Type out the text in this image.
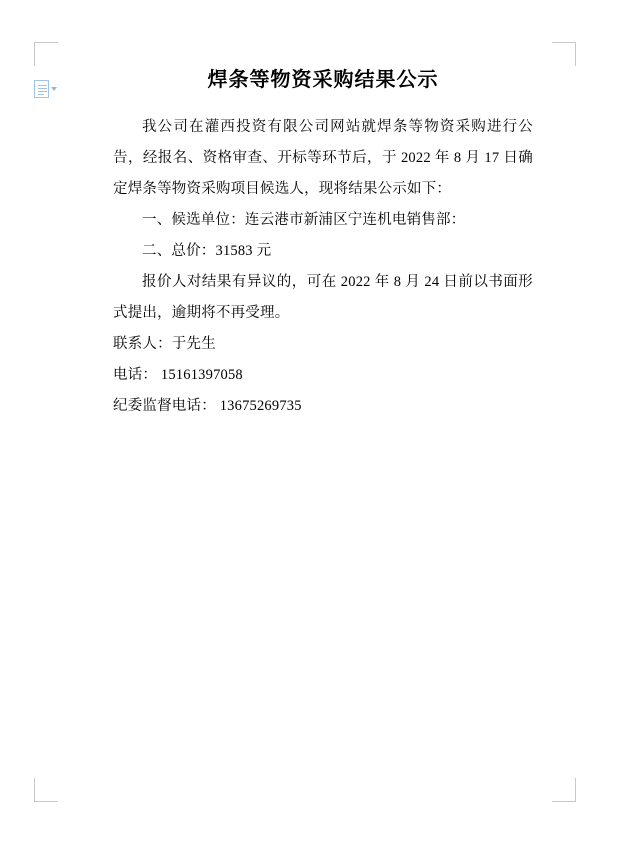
焊条等物资采购结果公示

我公司在灌西投资有限公司网站就焊条等物资采购进行公告，经报名、资格审查、开标等环节后，于 2022 年 8 月 17 日确定焊条等物资采购项目候选人，现将结果公示如下：

一、候选单位：连云港市新浦区宁连机电销售部：

二、总价：31583 元

报价人对结果有异议的，可在 2022 年 8 月 24 日前以书面形式提出，逾期将不再受理。

联系人：于先生

电话： 15161397058

纪委监督电话： 13675269735
